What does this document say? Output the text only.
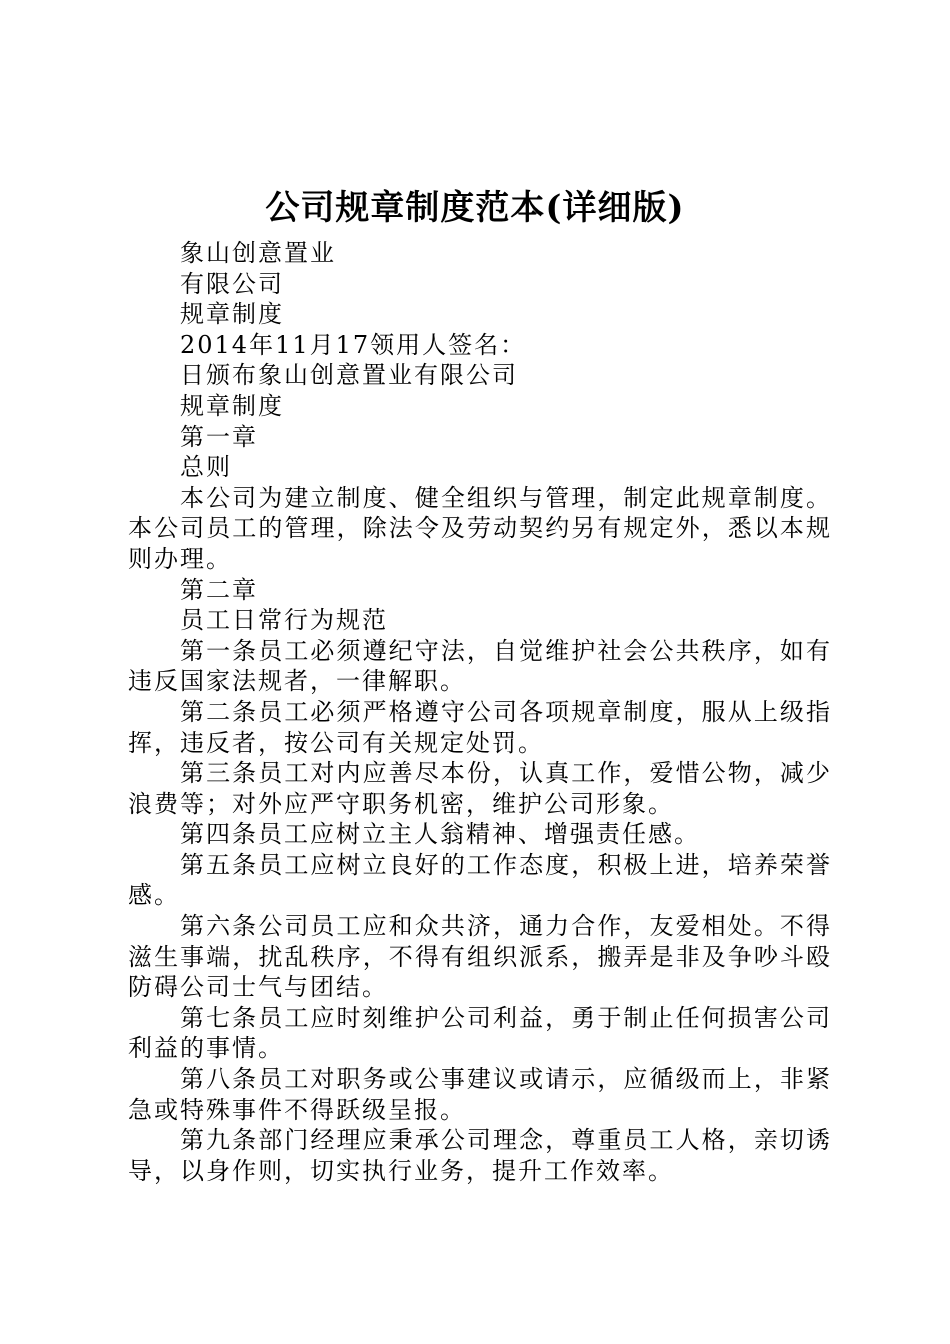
公司规章制度范本(详细版)

象山创意置业

有限公司

规章制度

2014年11月17领用人签名：

日颁布象山创意置业有限公司

规章制度

第一章

总则

本公司为建立制度、健全组织与管理，制定此规章制度。本公司员工的管理，除法令及劳动契约另有规定外，悉以本规则办理。

第二章

员工日常行为规范

第一条员工必须遵纪守法，自觉维护社会公共秩序，如有违反国家法规者，一律解职。

第二条员工必须严格遵守公司各项规章制度，服从上级指挥，违反者，按公司有关规定处罚。

第三条员工对内应善尽本份，认真工作，爱惜公物，减少浪费等；对外应严守职务机密，维护公司形象。

第四条员工应树立主人翁精神、增强责任感。

第五条员工应树立良好的工作态度，积极上进，培养荣誉感。

第六条公司员工应和众共济，通力合作，友爱相处。不得滋生事端，扰乱秩序，不得有组织派系，搬弄是非及争吵斗殴防碍公司士气与团结。

第七条员工应时刻维护公司利益，勇于制止任何损害公司利益的事情。

第八条员工对职务或公事建议或请示，应循级而上，非紧急或特殊事件不得跃级呈报。

第九条部门经理应秉承公司理念，尊重员工人格，亲切诱导，以身作则，切实执行业务，提升工作效率。
